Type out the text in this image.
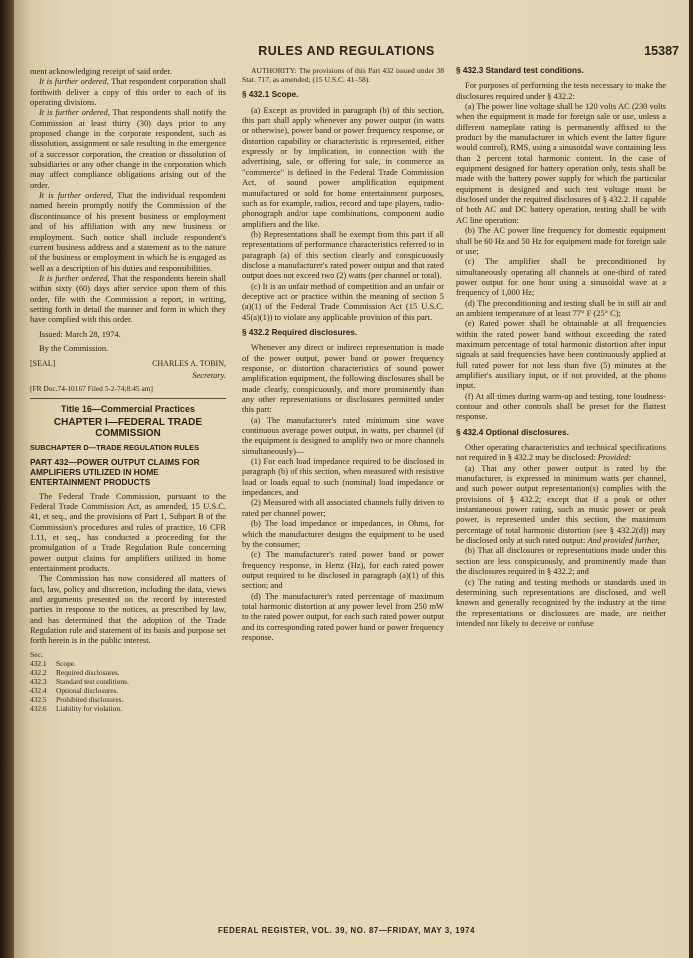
RULES AND REGULATIONS	15387

ment acknowledging receipt of said order.

It is further ordered, That respondent corporation shall forthwith deliver a copy of this order to each of its operating divisions.

It is further ordered, That respondents shall notify the Commission at least thirty (30) days prior to any proposed change in the corporate respondent, such as dissolution, assignment or sale resulting in the emergence of a successor corporation, the creation or dissolution of subsidiaries or any other change in the corporation which may affect compliance obligations arising out of the order.

It is further ordered, That the individual respondent named herein promptly notify the Commission of the discontinuance of his present business or employment and of his affiliation with any new business or employment. Such notice shall include respondent's current business address and a statement as to the nature of the business or employment in which he is engaged as well as a description of his duties and responsibilities.

It is further ordered, That the respondents herein shall within sixty (60) days after service upon them of this order, file with the Commission a report, in writing, setting forth in detail the manner and form in which they have complied with this order.

Issued: March 28, 1974.

By the Commission.

[SEAL]	CHARLES A. TOBIN,
Secretary.

[FR Doc.74-10167 Filed 5-2-74;8:45 am]

Title 16—Commercial Practices
CHAPTER I—FEDERAL TRADE COMMISSION
SUBCHAPTER D—TRADE REGULATION RULES
PART 432—POWER OUTPUT CLAIMS FOR AMPLIFIERS UTILIZED IN HOME ENTERTAINMENT PRODUCTS

The Federal Trade Commission, pursuant to the Federal Trade Commission Act, as amended, 15 U.S.C. 41, et seq., and the provisions of Part 1, Subpart B of the Commission's procedures and rules of practice, 16 CFR 1.11, et seq., has conducted a proceeding for the promulgation of a Trade Regulation Rule concerning power output claims for amplifiers utilized in home entertainment products.

The Commission has now considered all matters of fact, law, policy and discretion, including the data, views and arguments presented on the record by interested parties in response to the notices, as prescribed by law, and has determined that the adoption of the Trade Regulation rule and statement of its basis and purpose set forth herein is in the public interest.

Sec.
432.1	Scope.
432.2	Required disclosures.
432.3	Standard test conditions.
432.4	Optional disclosures.
432.5	Prohibited disclosures.
432.6	Liability for violation.

AUTHORITY: The provisions of this Part 432 issued under 38 Stat. 717, as amended; (15 U.S.C. 41–58).

§ 432.1 Scope.

(a) Except as provided in paragraph (b) of this section, this part shall apply whenever any power output (in watts or otherwise), power band or power frequency response, or distortion capability or characteristic is represented, either expressly or by implication, in connection with the advertising, sale, or offering for sale, in commerce as "commerce" is defined in the Federal Trade Commission Act, of sound power amplification equipment manufactured or sold for home entertainment purposes, such as for example, radios, record and tape players, radio-phonograph and/or tape combinations, component audio amplifiers and the like.

(b) Representations shall be exempt from this part if all representations of performance characteristics referred to in paragraph (a) of this section clearly and conspicuously disclose a manufacturer's rated power output and that rated output does not exceed two (2) watts (per channel or total).

(c) It is an unfair method of competition and an unfair or deceptive act or practice within the meaning of section 5 (a)(1) of the Federal Trade Commission Act (15 U.S.C. 45(a)(1)) to violate any applicable provision of this part.

§ 432.2 Required disclosures.

Whenever any direct or indirect representation is made of the power output, power band or power frequency response, or distortion characteristics of sound power amplification equipment, the following disclosures shall be made clearly, conspicuously, and more prominently than any other representations or disclosures permitted under this part:

(a) The manufacturer's rated minimum sine wave continuous average power output, in watts, per channel (if the equipment is designed to amplify two or more channels simultaneously)—

(1) For each load impedance required to be disclosed in paragraph (b) of this section, when measured with resistive load or loads equal to such (nominal) load impedance or impedances, and

(2) Measured with all associated channels fully driven to rated per channel power;

(b) The load impedance or impedances, in Ohms, for which the manufacturer designs the equipment to be used by the consumer;

(c) The manufacturer's rated power band or power frequency response, in Hertz (Hz), for each rated power output required to be disclosed in paragraph (a)(1) of this section; and

(d) The manufacturer's rated percentage of maximum total harmonic distortion at any power level from 250 mW to the rated power output, for each such rated power output and its corresponding rated power band or power frequency response.

§ 432.3 Standard test conditions.

For purposes of performing the tests necessary to make the disclosures required under § 432.2:

(a) The power line voltage shall be 120 volts AC (230 volts when the equipment is made for foreign sale or use, unless a different nameplate rating is permanently affixed to the product by the manufacturer in which event the latter figure would control), RMS, using a sinusoidal wave containing less than 2 percent total harmonic content. In the case of equipment designed for battery operation only, tests shall be made with the battery power supply for which the particular equipment is designed and such test voltage must be disclosed under the required disclosures of § 432.2. If capable of both AC and DC battery operation, testing shall be with AC line operation:

(b) The AC power line frequency for domestic equipment shall be 60 Hz and 50 Hz for equipment made for foreign sale or use;

(c) The amplifier shall be preconditioned by simultaneously operating all channels at one-third of rated power output for one hour using a sinusoidal wave at a frequency of 1,000 Hz;

(d) The preconditioning and testing shall be in still air and an ambient temperature of at least 77° F (25° C);

(e) Rated power shall be obtainable at all frequencies within the rated power band without exceeding the rated maximum percentage of total harmonic distortion after input signals at said frequencies have been continuously applied at full rated power for not less than five (5) minutes at the amplifier's auxiliary input, or if not provided, at the phono input.

(f) At all times during warm-up and testing, tone loudness-contour and other controls shall be preset for the flattest response.

§ 432.4 Optional disclosures.

Other operating characteristics and technical specifications not required in § 432.2 may be disclosed: Provided:

(a) That any other power output is rated by the manufacturer, is expressed in minimum watts per channel, and such power output representation(s) complies with the provisions of § 432.2; except that if a peak or other instantaneous power rating, such as music power or peak power, is represented under this section, the maximum percentage of total harmonic distortion (see § 432.2(d)) may be disclosed only at such rated output: And provided further,

(b) That all disclosures or representations made under this section are less conspicuously, and prominently made than the disclosures required in § 432.2; and

(c) The rating and testing methods or standards used in determining such representations are disclosed, and well known and generally recognized by the industry at the time the representations or disclosures are made, are neither intended nor likely to deceive or confuse

FEDERAL REGISTER, VOL. 39, NO. 87—FRIDAY, MAY 3, 1974
